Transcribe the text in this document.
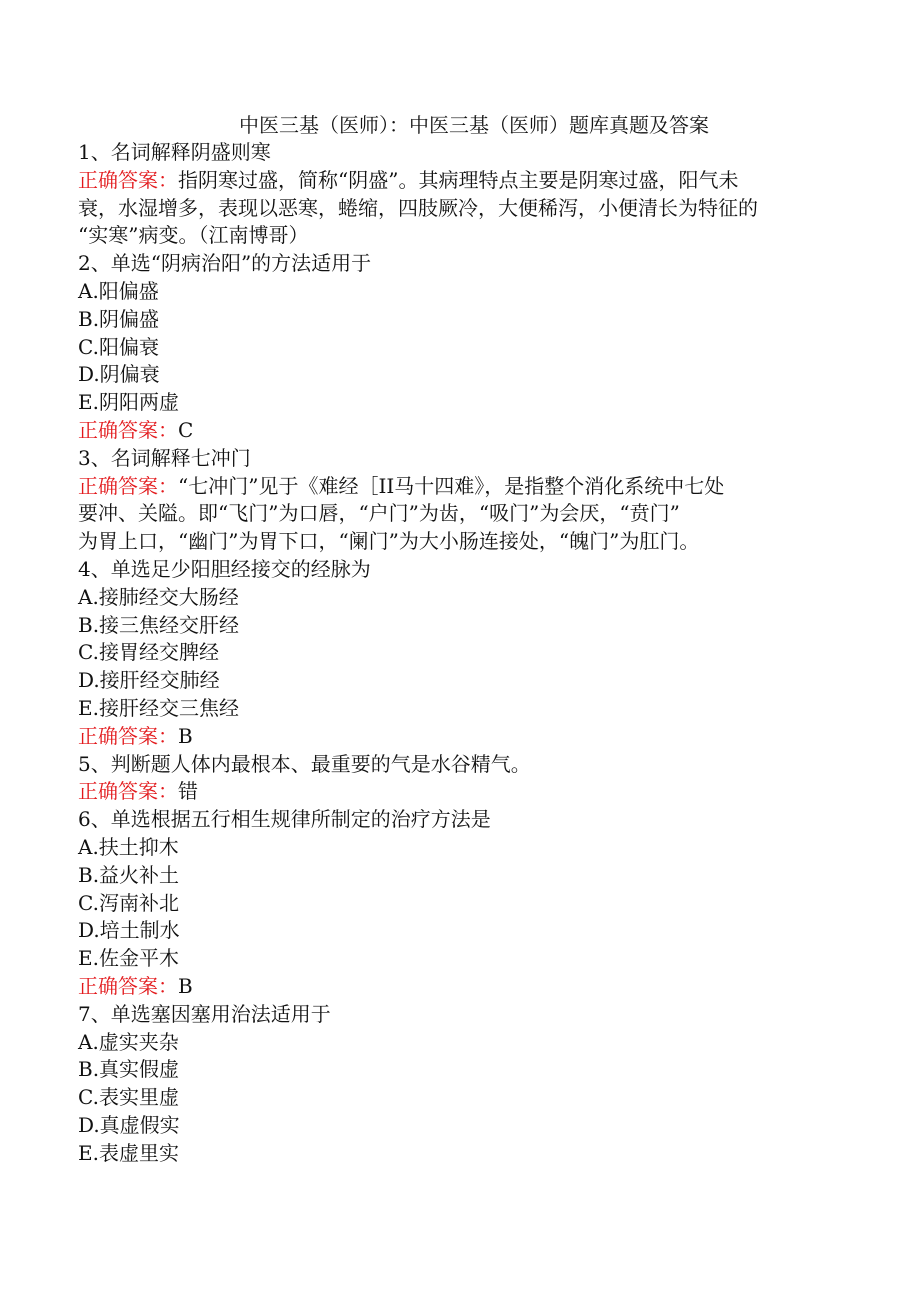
中医三基（医师）：中医三基（医师）题库真题及答案
1、名词解释阴盛则寒
正确答案：指阴寒过盛，简称“阴盛”。其病理特点主要是阴寒过盛，阳气未
衰，水湿增多，表现以恶寒，蜷缩，四肢厥冷，大便稀泻，小便清长为特征的
“实寒”病变。（江南博哥）
2、单选“阴病治阳”的方法适用于
A.阳偏盛
B.阴偏盛
C.阳偏衰
D.阴偏衰
E.阴阳两虚
正确答案：C
3、名词解释七冲门
正确答案：“七冲门”见于《难经［II马十四难》，是指整个消化系统中七处
要冲、关隘。即“飞门”为口唇，“户门”为齿，“吸门”为会厌，“贲门”
为胃上口，“幽门”为胃下口，“阑门”为大小肠连接处，“魄门”为肛门。
4、单选足少阳胆经接交的经脉为
A.接肺经交大肠经
B.接三焦经交肝经
C.接胃经交脾经
D.接肝经交肺经
E.接肝经交三焦经
正确答案：B
5、判断题人体内最根本、最重要的气是水谷精气。
正确答案：错
6、单选根据五行相生规律所制定的治疗方法是
A.扶土抑木
B.益火补土
C.泻南补北
D.培土制水
E.佐金平木
正确答案：B
7、单选塞因塞用治法适用于
A.虚实夹杂
B.真实假虚
C.表实里虚
D.真虚假实
E.表虚里实
